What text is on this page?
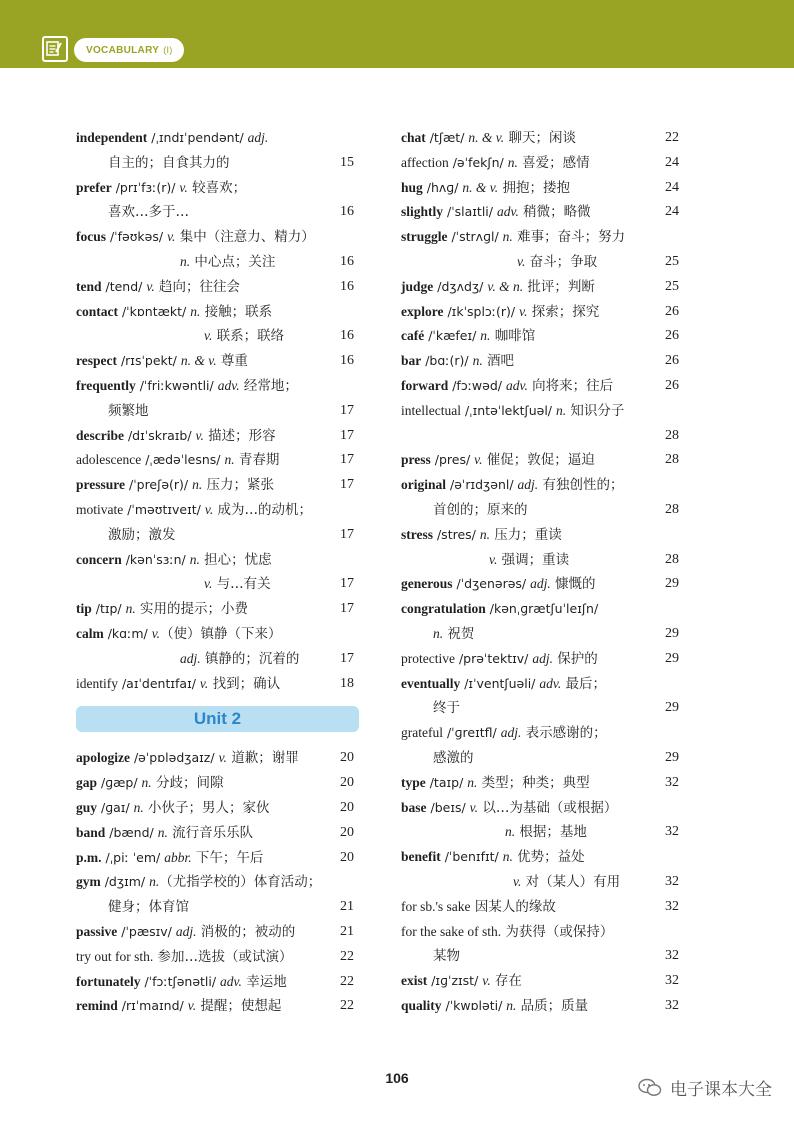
VOCABULARY (I)
independent /ˌɪndɪˈpendənt/ adj.
自主的；自食其力的	15
prefer /prɪˈfɜː(r)/ v. 较喜欢；
喜欢…多于…	16
focus /ˈfəʊkəs/ v. 集中（注意力、精力）
n. 中心点；关注	16
tend /tend/ v. 趋向；往往会	16
contact /ˈkɒntækt/ n. 接触；联系
v. 联系；联络	16
respect /rɪsˈpekt/ n. & v. 尊重	16
frequently /ˈfriːkwəntli/ adv. 经常地；
频繁地	17
describe /dɪˈskraɪb/ v. 描述；形容	17
adolescence /ˌædəˈlesns/ n. 青春期	17
pressure /ˈpreʃə(r)/ n. 压力；紧张	17
motivate /ˈməʊtɪveɪt/ v. 成为…的动机；
激励；激发	17
concern /kənˈsɜːn/ n. 担心；忧虑
v. 与…有关	17
tip /tɪp/ n. 实用的提示；小费	17
calm /kɑːm/ v.（使）镇静（下来）
adj. 镇静的；沉着的	17
identify /aɪˈdentɪfaɪ/ v. 找到；确认	18
Unit 2
apologize /əˈpɒlədʒaɪz/ v. 道歉；谢罪	20
gap /ɡæp/ n. 分歧；间隙	20
guy /ɡaɪ/ n. 小伙子；男人；家伙	20
band /bænd/ n. 流行音乐乐队	20
p.m. /ˌpiː ˈem/ abbr. 下午；午后	20
gym /dʒɪm/ n.（尤指学校的）体育活动；
健身；体育馆	21
passive /ˈpæsɪv/ adj. 消极的；被动的	21
try out for sth. 参加…选拔（或试演）	22
fortunately /ˈfɔːtʃənətli/ adv. 幸运地	22
remind /rɪˈmaɪnd/ v. 提醒；使想起	22
chat /tʃæt/ n. & v. 聊天；闲谈	22
affection /əˈfekʃn/ n. 喜爱；感情	24
hug /hʌɡ/ n. & v. 拥抱；搂抱	24
slightly /ˈslaɪtli/ adv. 稍微；略微	24
struggle /ˈstrʌɡl/ n. 难事；奋斗；努力
v. 奋斗；争取	25
judge /dʒʌdʒ/ v. & n. 批评；判断	25
explore /ɪkˈsplɔː(r)/ v. 探索；探究	26
café /ˈkæfeɪ/ n. 咖啡馆	26
bar /bɑː(r)/ n. 酒吧	26
forward /fɔːwəd/ adv. 向将来；往后	26
intellectual /ˌɪntəˈlektʃuəl/ n. 知识分子
28
press /pres/ v. 催促；敦促；逼迫	28
original /əˈrɪdʒənl/ adj. 有独创性的；
首创的；原来的	28
stress /stres/ n. 压力；重读
v. 强调；重读	28
generous /ˈdʒenərəs/ adj. 慷慨的	29
congratulation /kənˌɡrætʃuˈleɪʃn/
n. 祝贺	29
protective /prəˈtektɪv/ adj. 保护的	29
eventually /ɪˈventʃuəli/ adv. 最后；
终于	29
grateful /ˈɡreɪtfl/ adj. 表示感谢的；
感激的	29
type /taɪp/ n. 类型；种类；典型	32
base /beɪs/ v. 以…为基础（或根据）
n. 根据；基地	32
benefit /ˈbenɪfɪt/ n. 优势；益处
v. 对（某人）有用	32
for sb.'s sake 因某人的缘故	32
for the sake of sth. 为获得（或保持）
某物	32
exist /ɪɡˈzɪst/ v. 存在	32
quality /ˈkwɒləti/ n. 品质；质量	32
106
电子课本大全
